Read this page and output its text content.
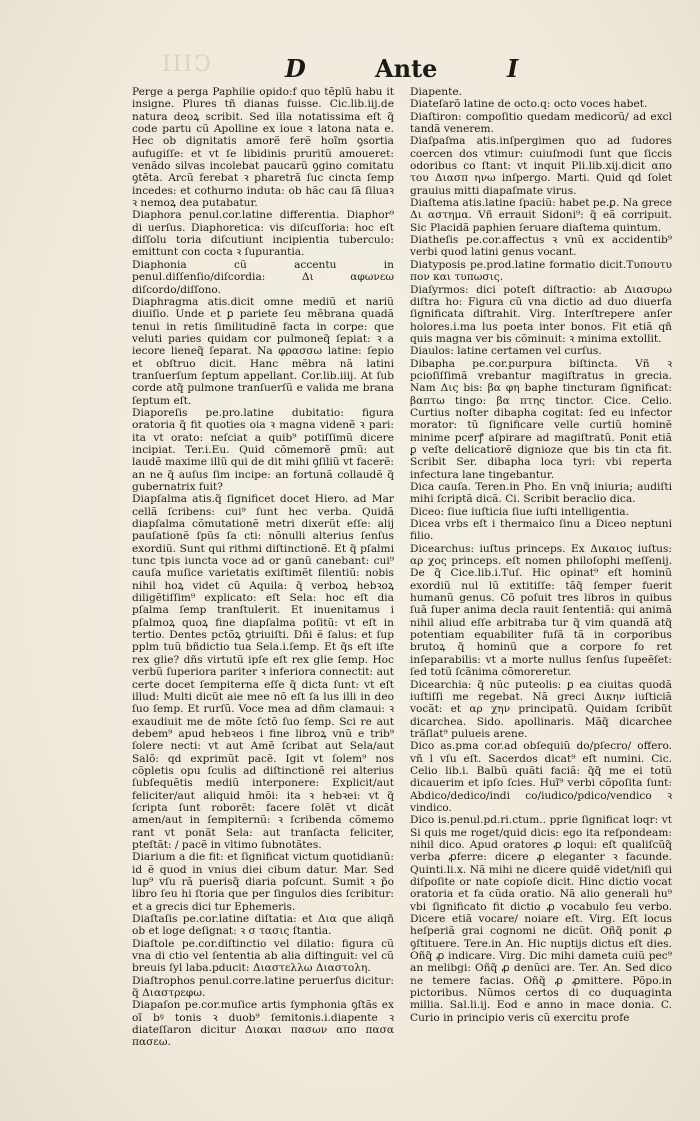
CIII	D	Ante	I

Perge a perga Paphilie opido:f quo tẽplũ habu it insigne. Plures tñ dianas fuisse. Cic.lib.iij.de natura deoꝝ scribit. Sed illa notatissima eſt q̃ code partu cũ Apolline ex ioue ꝛ latona nata e. Hec ob dignitatis amorẽ ferẽ hoĩm ꝯsortia aufugiſſe: et vt ſe libidinis pruritũ amoueret: venãdo silvas incolebat paucarũ ꝯgino comitatu ꝯtẽta. Arcũ ferebat ꝛ pharetrã ſuc cincta ſemp incedes: et cothurno induta: ob hãc cau ſã ſiluaꝛ ꝛ nemoꝝ dea putabatur.

Diaphora penul.cor.latine differentia. Diaphor⁹ di uerſus. Diaphoretica: vis diſcuſſoria: hoc eſt diſſolu toria diſcutiunt incipientia tuberculo: emittunt con cocta ꝛ ſupurantia.

Diaphonia cũ accentu in penul.diſſenſio/diſcordia: Δι αφωνεω diſcordo/diſſono.

Diaphragma atis.dicit omne mediũ et nariũ diuiſio. Unde et ꝑ pariete ſeu mẽbrana quadã tenui in retis ſimilitudinẽ facta in corpe: que veluti paries quidam cor pulmoneq̃ ſepiat: ꝛ a iecore lieneq̃ ſeparat. Na φρασσω latine: ſepio et obſtruo dicit. Hanc mẽbra nã latini tranſuerſum ſeptum appellant. Cor.lib.iiij. At ſub corde atq̃ pulmone tranſuerſũ e valida me brana ſeptum eſt.

Diaporeſis pe.pro.latine dubitatio: figura oratoria q̃ fit quoties oia ꝛ magna videnẽ ꝛ pari: ita vt orato: neſciat a quib⁹ potiſſimũ dicere incipiat. Ter.i.Eu. Quid cõmemorẽ ꝑmũ: aut laudẽ maxime illũ qui de dit mihi ꝯſiliũ vt facerẽ: an ne q̃ auſus ſim incipe: an fortunã collaudẽ q̃ gubernatrix fuit?

Diapſalma atis.q̃ ſignificet docet Hiero. ad Mar cellã ſcribens: cui⁹ ſunt hec verba. Quidã diapſalma cõmutationẽ metri dixerũt eſſe: alij pauſationẽ ſpũs ſa cti: nõnulli alterius ſenſus exordiũ. Sunt qui rithmi diſtinctionẽ. Et q̃ pſalmi tunc tpis iuncta voce ad or ganũ canebant: cui⁹ cauſa muſice varietatis exiſtimẽt ſilentiũ: nobis nihil hoꝝ videt cũ Aquila: q̃ verboꝝ hebꝛoꝝ diligẽtiſſim⁹ explicato: eſt Sela: hoc eſt dia pſalma ſemp tranſtulerit. Et inuenitamus i pſalmoꝝ quoꝝ fine diapſalma poſitũ: vt eſt in tertio. Dentes pctõꝝ ꝯtriuiſti. Dñi ẽ ſalus: et ſup pplm tuũ bñdictio tua Sela.i.ſemp. Et q̃s eſt iſte rex glie? dñs virtutũ ipſe eſt rex glie ſemp. Hoc verbũ ſuperiora pariter ꝛ inferiora connectit: aut certe docet ſempiterna eſſe q̃ dicta ſunt: vt eſt illud: Multi dicũt aie mee nõ eſt ſa lus illi in deo ſuo ſemp. Et rurſũ. Voce mea ad dñm clamaui: ꝛ exaudiuit me de mõte ſctõ ſuo ſemp. Sci re aut debem⁹ apud hebꝛeos i fine libroꝝ vnũ e trib⁹ ſolere necti: vt aut Amẽ ſcribat aut Sela/aut Salõ: qd exprimũt pacẽ. Igit vt ſolem⁹ nos cõpletis opu ſculis ad diſtinctionẽ rei alterius ſubſequẽtis mediũ interponere: Explicit/aut feliciter/aut aliquid hmõi: ita ꝛ hebꝛei: vt q̃ ſcripta ſunt roborẽt: facere ſolẽt vt dicãt amen/aut in ſempiternũ: ꝛ ſcribenda cõmemo rant vt ponãt Sela: aut tranſacta feliciter, pteſtãt: / pacẽ in vltimo ſubnotãtes.

Diarium a die fit: et ſignificat victum quotidianũ: id ẽ quod in vnius diei cibum datur. Mar. Sed lup⁹ vſu rã puerisq̃ diaria poſcunt. Sumit ꝛ p̃o libro ſeu hi ſtoria que per ſingulos dies ſcribitur: et a grecis dici tur Ephemeris.

Diaſtaſis pe.cor.latine diſtatia: et Δια que aliqñ ob et loge deſignat: ꝛ σ τασις ſtantia.

Diaſtole pe.cor.diſtinctio vel dilatio: figura cũ vna di ctio vel ſententia ab alia diſtinguit: vel cũ breuis ſyl laba.pducit: Διαστελλω Διαστολη.

Diaſtrophos penul.corre.latine peruerſus dicitur: q̃ Διαστρεφω.

Diapaſon pe.cor.muſice artis ſymphonia ꝯſtãs ex oĩ bꝰ tonis ꝛ duob⁹ ſemitonis.i.diapente ꝛ diateſſaron dicitur Διακαι πασων απο πασα πασεω.

Diapente.

Diateſarõ latine de octo.q: octo voces habet.

Diaſtiron: compoſitio quedam medicorũ/ ad excl tandã venerem.

Diaſpaſma atis.inſpergimen quo ad ſudores coercen dos vtimur: cuiuſmodi ſunt que ſiccis odoribus co ſtant: vt inquit Pli.lib.xij.dicit απο του Διασπ ηνω inſpergo. Marti. Quid qd ſolet grauius mitti diapaſmate virus.

Diaſtema atis.latine ſpaciũ: habet pe.ꝑ. Na grece Δι αστημα. Vñ errauit Sidoni⁹: q̃ eã corripuit. Sic Placidã paphien ſeruare diaſtema quintum.

Diatheſis pe.cor.affectus ꝛ vnũ ex accidentib⁹ verbi quod latini genus vocant.

Diatyposis pe.prod.latine formatio dicit.Τυπουτυ πον και τυπωσις.

Diaſyrmos: dici poteſt diſtractio: ab Διασυρω diſtra ho: Figura cũ vna dictio ad duo diuerſa ſignificata diſtrahit. Virg. Interſtrepere anſer holores.i.ma lus poeta inter bonos. Fit etiã qñ quis magna ver bis cõminuit: ꝛ minima extollit.

Diaulos: latine certamen vel curſus.

Dibapha pe.cor.purpura biſtincta. Vñ ꝛ pcioſiſſimã vrebantur magiſtratus in grecia. Nam Δις bis: βα φη baphe tincturam ſignificat: βαπτω tingo: βα πτης tinctor. Cice. Celio. Curtius noſter dibapha cogitat: ſed eu infector morator: tũ ſignificare velle curtiũ hominẽ minime pcerꝭ aſpirare ad magiſtratũ. Ponit etiã ꝑ veſte delicatiorẽ dignioze que bis tin cta fit. Scribit Ser. dibapha loca tyri: vbi reperta infectura lane tingebantur.

Dica cauſa. Teren.in Pho. En vnq̃ iniuria; audiſti mihi ſcriptã dicã. Ci. Scribit beraclio dica.

Diceo: ſiue iuſticia ſiue iuſti intelligentia.

Dicea vrbs eſt i thermaico ſinu a Diceo neptuni filio.

Dicearchus: iuſtus princeps. Ex Δικαιος iuſtus: αρ χος princeps. eſt nomen philoſophi meſſenij. De q̃ Cice.lib.i.Tuſ. Hic opinat⁹ eſt hominũ exordiũ nul lũ extitiſſe: tãq̃ ſemper fuerit humanũ genus. Cõ poſuit tres libros in quibus ſuã ſuper anima decla rauit ſententiã: qui animã nihil aliud eſſe arbitraba tur q̃ vim quandã atq̃ potentiam equabiliter fuſã tã in corporibus brutoꝝ q̃ hominũ que a corpore fo ret inſeparabilis: vt a morte nullus ſenſus ſupeẽſet: ſed totũ ſcãnima cõmoreretur.

Dicearchia: q̃ nũc puteolis: ꝑ ea ciuitas quodã iuſtiſſi me regebat. Nã greci Δικην iuſticiã vocãt: et αρ χην principatũ. Quidam ſcribũt dicarchea. Sido. apollinaris. Mãq̃ dicarchee trãſlat⁹ pulueis arene.

Dico as.pma cor.ad obſequiũ do/pſecro/ offero. vñ l vſu eſt. Sacerdos dicat⁹ eſt numini. Cic. Celio lib.i. Balbũ quãti faciã: q̃q̃ me ei totũ dicauerim et ipſo ſcies. Huĩ⁹ verbi cõpoſita ſunt: Abdico/dedico/indi co/iudico/pdico/vendico ꝛ vindico.

Dico is.penul.pd.ri.ctum.. pprie ſignificat loqr: vt Si quis me roget/quid dicis: ego ita reſpondeam: nihil dico. Apud oratores ꝓ loqui: eſt qualiſcũq̃ verba ꝓferre: dicere ꝓ eleganter ꝛ facunde. Quinti.li.x. Nã mihi ne dicere quidẽ videt/niſi qui diſpoſite or nate copioſe dicit. Hinc dictio vocat oratoria et fa cũda oratio. Nã alio generali hu⁹ vbi ſignificato fit dictio ꝓ vocabulo ſeu verbo. Dicere etiã vocare/ noiare eſt. Virg. Eſt locus heſperiã grai cognomi ne dicũt. Oñq̃ ponit ꝓ ꝯſtituere. Tere.in An. Hic nuptijs dictus eſt dies. Oñq̃ ꝓ indicare. Virg. Dic mihi dameta cuiũ pec⁹ an melibgi: Oñq̃ ꝓ denũci are. Ter. An. Sed dico ne temere facias. Oñq̃ ꝓ ꝓmittere. Põpo.in pictoribus. Nũmos certos di co duquaginta millia. Sal.li.ij. Eod e anno in mace donia. C. Curio in principio veris cũ exercitu profe
